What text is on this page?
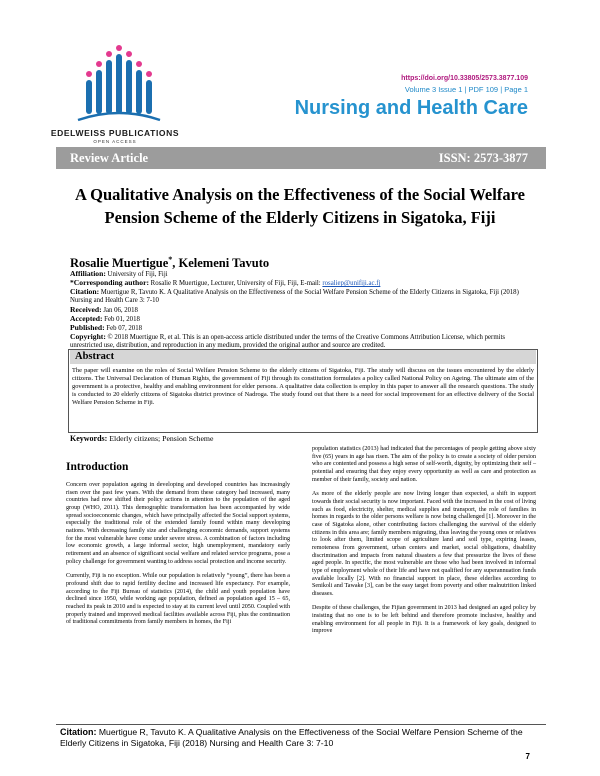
EDELWEISS PUBLICATIONS
OPEN ACCESS
https://doi.org/10.33805/2573.3877.109
Volume 3 Issue 1 | PDF 109 | Page 1
Nursing and Health Care
Review Article	ISSN: 2573-3877
A Qualitative Analysis on the Effectiveness of the Social Welfare Pension Scheme of the Elderly Citizens in Sigatoka, Fiji
Rosalie Muertigue*, Kelemeni Tavuto
Affiliation: University of Fiji, Fiji
*Corresponding author: Rosalie R Muertigue, Lecturer, University of Fiji, Fiji, E-mail: rosaliep@unifiji.ac.fj
Citation: Muertigue R, Tavuto K. A Qualitative Analysis on the Effectiveness of the Social Welfare Pension Scheme of the Elderly Citizens in Sigatoka, Fiji (2018) Nursing and Health Care 3: 7-10
Received: Jan 06, 2018
Accepted: Feb 01, 2018
Published: Feb 07, 2018
Copyright: © 2018 Muertigue R, et al. This is an open-access article distributed under the terms of the Creative Commons Attribution License, which permits unrestricted use, distribution, and reproduction in any medium, provided the original author and source are credited.
Abstract
The paper will examine on the roles of Social Welfare Pension Scheme to the elderly citizens of Sigatoka, Fiji. The study will discuss on the issues encountered by the elderly citizens. The Universal Declaration of Human Rights, the government of Fiji through its constitution formulates a policy called National Policy on Ageing. The ultimate aim of the government is a protective, healthy and enabling environment for elder persons. A qualitative data collection is employ in this paper to answer all the research questions. The study is conducted to 20 elderly citizens of Sigatoka district province of Nadroga. The study found out that there is a need for social improvement for an effective delivery of the Social Welfare Pension Scheme in Fiji.
Keywords: Elderly citizens; Pension Scheme
Introduction

Concern over population ageing in developing and developed countries has increasingly risen over the past few years. With the demand from these category had increased, many countries had now shifted their policy actions in attention to the population of the aged group (WHO, 2011). This demographic transformation has been accompanied by wide spread socioeconomic changes, which have principally affected the Social support systems, especially the traditional role of the extended family found within many developing nations. With decreasing family size and challenging economic demands, support systems for the most vulnerable have come under severe stress. A combination of factors including low economic growth, a large informal sector, high unemployment, mandatory early retirement and an absence of significant social welfare and related service programs, pose a policy challenge for government wanting to address social protection and income security.

Currently, Fiji is no exception. While our population is relatively “young”, there has been a profound shift due to rapid fertility decline and increased life expectancy. For example, according to the Fiji Bureau of statistics (2014), the child and youth population have declined since 1950, while working age population, defined as population aged 15 – 65, reached its peak in 2010 and is expected to stay at its current level until 2050. Coupled with properly trained and improved medical facilities available across Fiji, plus the continuation of traditional commitments from family members in homes, the Fiji

population statistics (2013) had indicated that the percentages of people getting above sixty five (65) years in age has risen. The aim of the policy is to create a society of older persion who are contented and possess a high sense of self-worth, dignity, by optimizing their self – potential and ensuring that they enjoy every opportunity as well as care and protection as member of their family, society and nation.

As more of the elderly people are now living longer than expected, a shift in support towards their social security is now important. Faced with the increased in the cost of living such as food, electricity, shelter, medical supplies and transport, the role of families in homes in regards to the older persons welfare is now being challenged [1]. Moreover in the case of Sigatoka alone, other contributing factors challenging the survival of the elderly citizens in this area are; family members migrating, thus leaving the young ones or relatives to look after them, limited scope of agriculture land and soil type, expiring leases, remoteness from government, urban centers and market, social obligations, disability discrimination and impacts from natural disasters a few that pressurize the lives of these aged people. In specific, the most vulnerable are those who had been involved in informal type of employment whole of their life and have not qualified for any superannuation funds available locally [2]. With no financial support in place, these elderlies according to Senikoli and Tawake [3], can be the easy target from poverty and other malnutrition linked diseases.

Despite of these challenges, the Fijian government in 2013 had designed an aged policy by insisting that no one is to be left behind and therefore promote inclusive, healthy and enabling environment for all people in Fiji. It is a framework of key goals, designed to improve

Citation: Muertigue R, Tavuto K. A Qualitative Analysis on the Effectiveness of the Social Welfare Pension Scheme of the Elderly Citizens in Sigatoka, Fiji (2018) Nursing and Health Care 3: 7-10
7
